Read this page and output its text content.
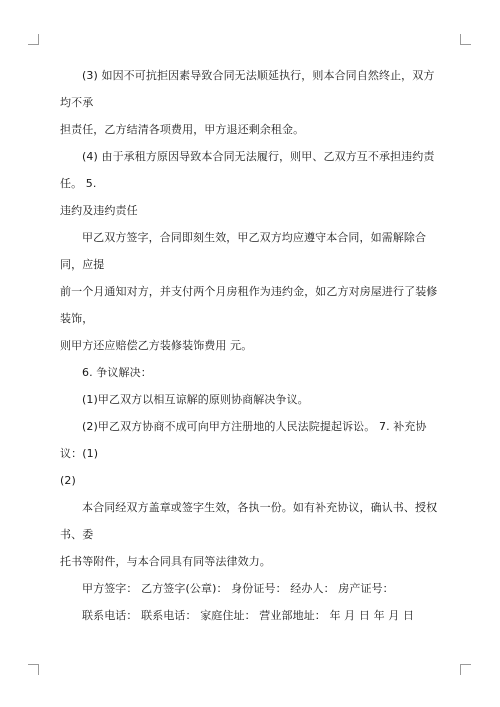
(3) 如因不可抗拒因素导致合同无法顺延执行，则本合同自然终止，双方均不承

担责任，乙方结清各项费用，甲方退还剩余租金。

(4) 由于承租方原因导致本合同无法履行，则甲、乙双方互不承担违约责任。 5.

违约及违约责任

甲乙双方签字，合同即刻生效，甲乙双方均应遵守本合同，如需解除合同，应提

前一个月通知对方，并支付两个月房租作为违约金，如乙方对房屋进行了装修装饰，

则甲方还应赔偿乙方装修装饰费用 元。

6. 争议解决：

(1)甲乙双方以相互谅解的原则协商解决争议。

(2)甲乙双方协商不成可向甲方注册地的人民法院提起诉讼。 7. 补充协议：(1)

(2)

本合同经双方盖章或签字生效，各执一份。如有补充协议，确认书、授权书、委

托书等附件，与本合同具有同等法律效力。

甲方签字： 乙方签字(公章)： 身份证号： 经办人： 房产证号：

联系电话： 联系电话： 家庭住址： 营业部地址： 年 月 日 年 月 日
